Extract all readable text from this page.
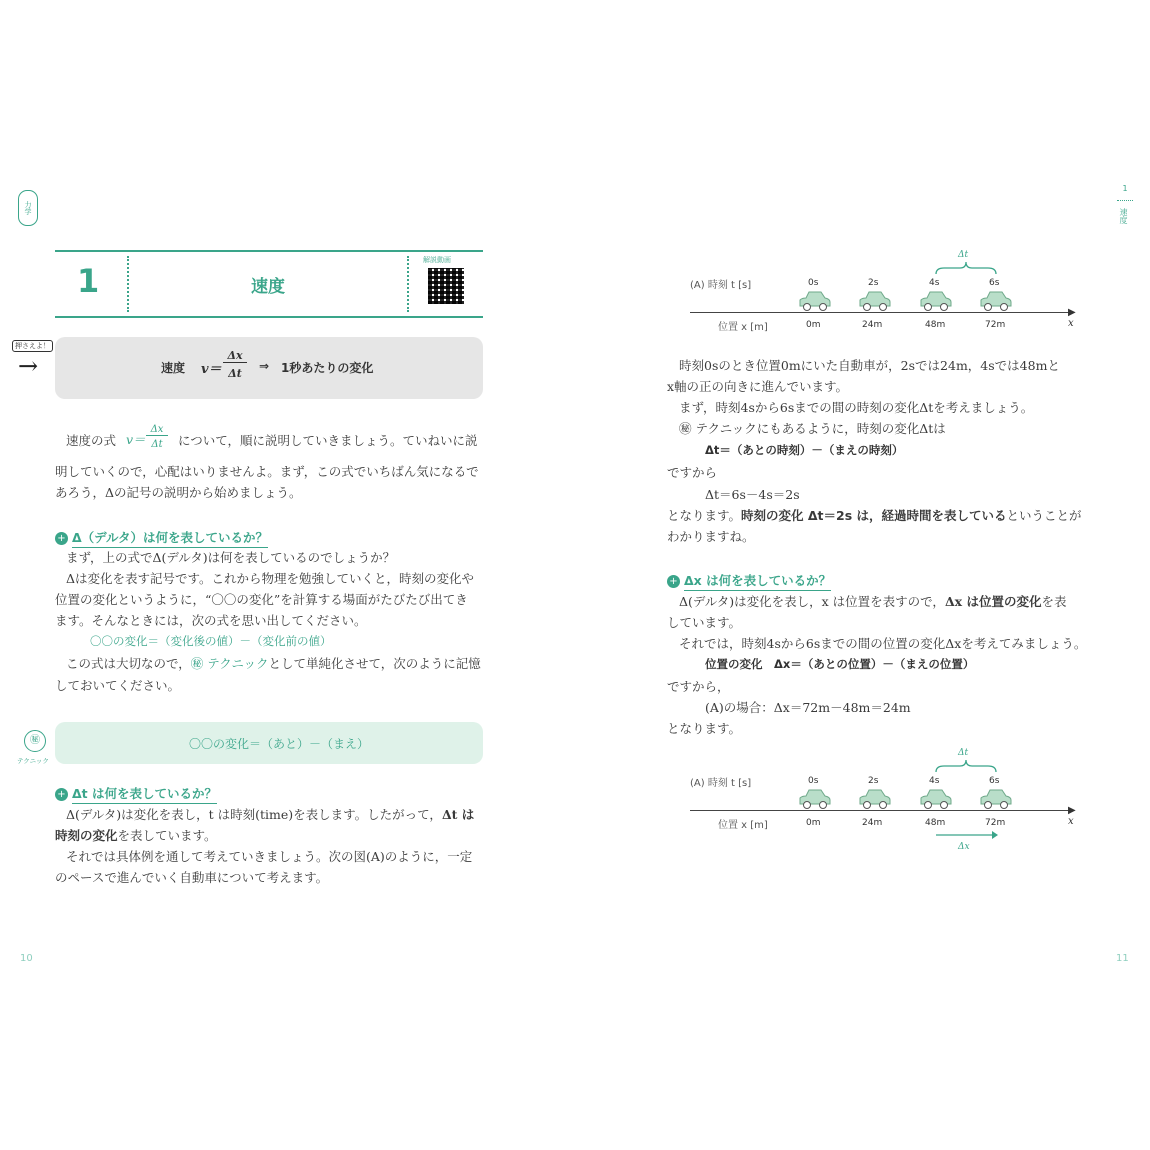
力学
1	速度
解説動画
押さえよ！
→	速度 v＝
Δx
Δt
⇒ 1秒あたりの変化
速度の式 v＝
Δx
Δt	について，順に説明していきましょう。ていねいに説
明していくので，心配はいりませんよ。まず，この式でいちばん気になるで
あろう，Δの記号の説明から始めましょう。
+ Δ（デルタ）は何を表しているか？
まず，上の式でΔ(デルタ)は何を表しているのでしょうか？
Δは変化を表す記号です。これから物理を勉強していくと，時刻の変化や
位置の変化というように，“〇〇の変化”を計算する場面がたびたび出てき
ます。そんなときには，次の式を思い出してください。
〇〇の変化＝（変化後の値）－（変化前の値）
この式は大切なので，㊙ テクニックとして単純化させて，次のように記憶
しておいてください。
㊙
テクニック
〇〇の変化＝（あと）－（まえ）
+ Δt は何を表しているか？
Δ(デルタ)は変化を表し，t は時刻(time)を表します。したがって，Δt は
時刻の変化を表しています。
それでは具体例を通して考えていきましょう。次の図(A)のように，一定
のペースで進んでいく自動車について考えます。
10
1
速度
(A) 時刻 t [s]
位置 x [m]
▶
x
0s	2s	4s	6s
0m	24m	48m	72m
Δt
時刻0sのとき位置0mにいた自動車が，2sでは24m，4sでは48mと
x軸の正の向きに進んでいます。
まず，時刻4sから6sまでの間の時刻の変化Δtを考えましょう。
㊙ テクニックにもあるように，時刻の変化Δtは
Δt＝（あとの時刻）－（まえの時刻）
ですから
Δt＝6s－4s＝2s
となります。時刻の変化 Δt＝2s は，経過時間を表しているということが
わかりますね。
+ Δx は何を表しているか？
Δ(デルタ)は変化を表し，x は位置を表すので，Δx は位置の変化を表
しています。
それでは，時刻4sから6sまでの間の位置の変化Δxを考えてみましょう。
位置の変化　Δx＝（あとの位置）－（まえの位置）
ですから，
(A)の場合：Δx＝72m－48m＝24m
となります。
(A) 時刻 t [s]
位置 x [m]
▶
x
0s	2s	4s	6s
0m	24m	48m	72m
Δt
Δx
11
